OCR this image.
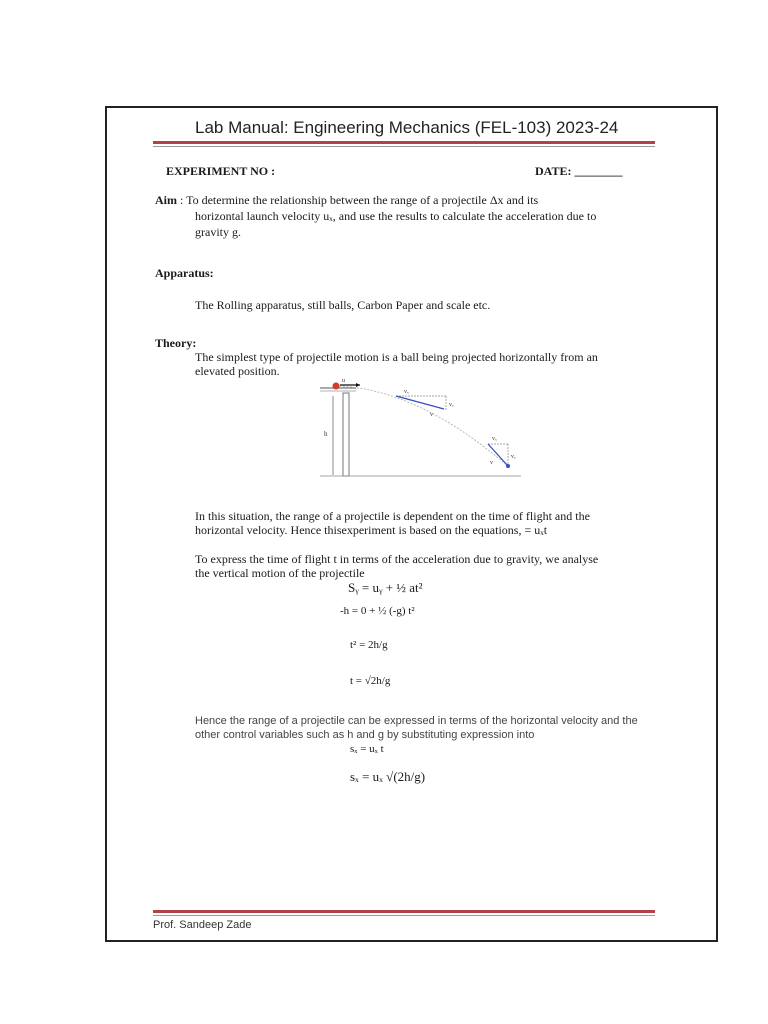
Lab Manual: Engineering Mechanics (FEL-103) 2023-24
EXPERIMENT NO :	DATE: ________
Aim : To determine the relationship between the range of a projectile Δx and its
horizontal launch velocity uₓ, and use the results to calculate the acceleration due to
gravity g.
Apparatus:
The Rolling apparatus, still balls, Carbon Paper and scale etc.
Theory:
The simplest type of projectile motion is a ball being projected horizontally from an
elevated position.
h
u
vₓ
vᵧ
v
vₓ
vᵧ
v
In this situation, the range of a projectile is dependent on the time of flight and the
horizontal velocity. Hence thisexperiment is based on the equations, = uₓt
To express the time of flight t in terms of the acceleration due to gravity, we analyse
the vertical motion of the projectile
Sᵧ = uᵧ + ½ at²
-h = 0 + ½ (-g) t²
t² = 2h/g
t = √2h/g
Hence the range of a projectile can be expressed in terms of the horizontal velocity and the
other control variables such as h and g by substituting expression into
sₓ = uₓ t
sₓ = uₓ √(2h/g)
Prof. Sandeep Zade
